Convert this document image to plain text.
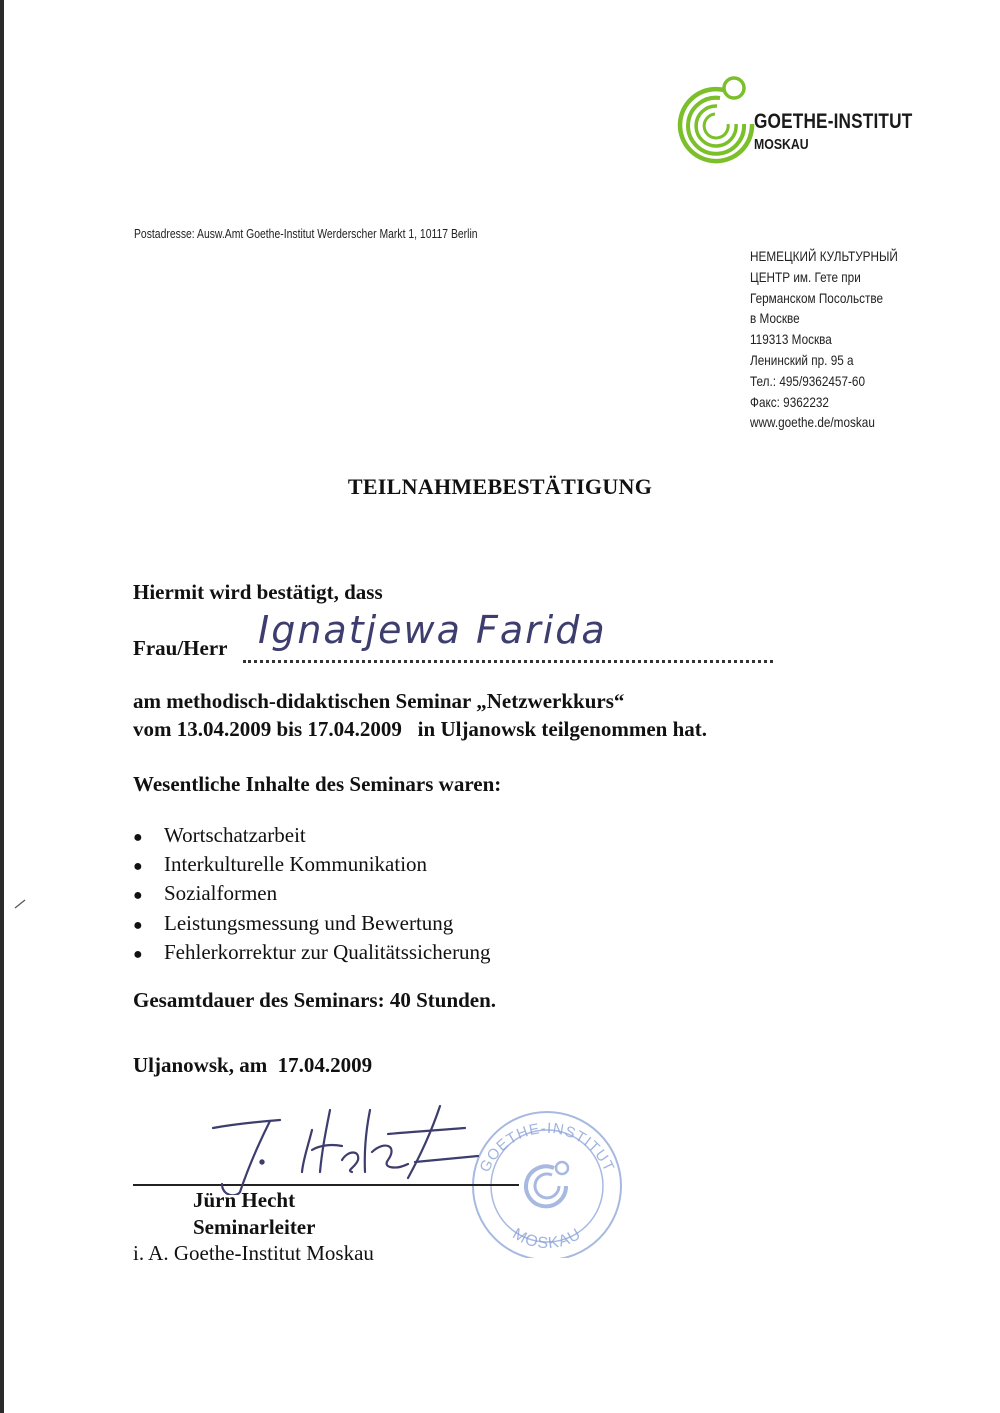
GOETHE-INSTITUT
MOSKAU
Postadresse: Ausw.Amt Goethe-Institut Werderscher Markt 1, 10117 Berlin
НЕМЕЦКИЙ КУЛЬТУРНЫЙ
ЦЕНТР им. Гете при
Германском Посольстве
в Москве
119313 Москва
Ленинский пр. 95 а
Тел.: 495/9362457-60
Факс: 9362232
www.goethe.de/moskau
TEILNAHMEBESTÄTIGUNG
Hiermit wird bestätigt, dass
Frau/Herr Ignatjewa Farida
am methodisch-didaktischen Seminar „Netzwerkkurs“
vom 13.04.2009 bis 17.04.2009   in Uljanowsk teilgenommen hat.
Wesentliche Inhalte des Seminars waren:
● Wortschatzarbeit
● Interkulturelle Kommunikation
● Sozialformen
● Leistungsmessung und Bewertung
● Fehlerkorrektur zur Qualitätssicherung
Gesamtdauer des Seminars: 40 Stunden.
Uljanowsk, am  17.04.2009
GOETHE-INSTITUT
MOSKAU
Jürn Hecht
Seminarleiter
i. A. Goethe-Institut Moskau
